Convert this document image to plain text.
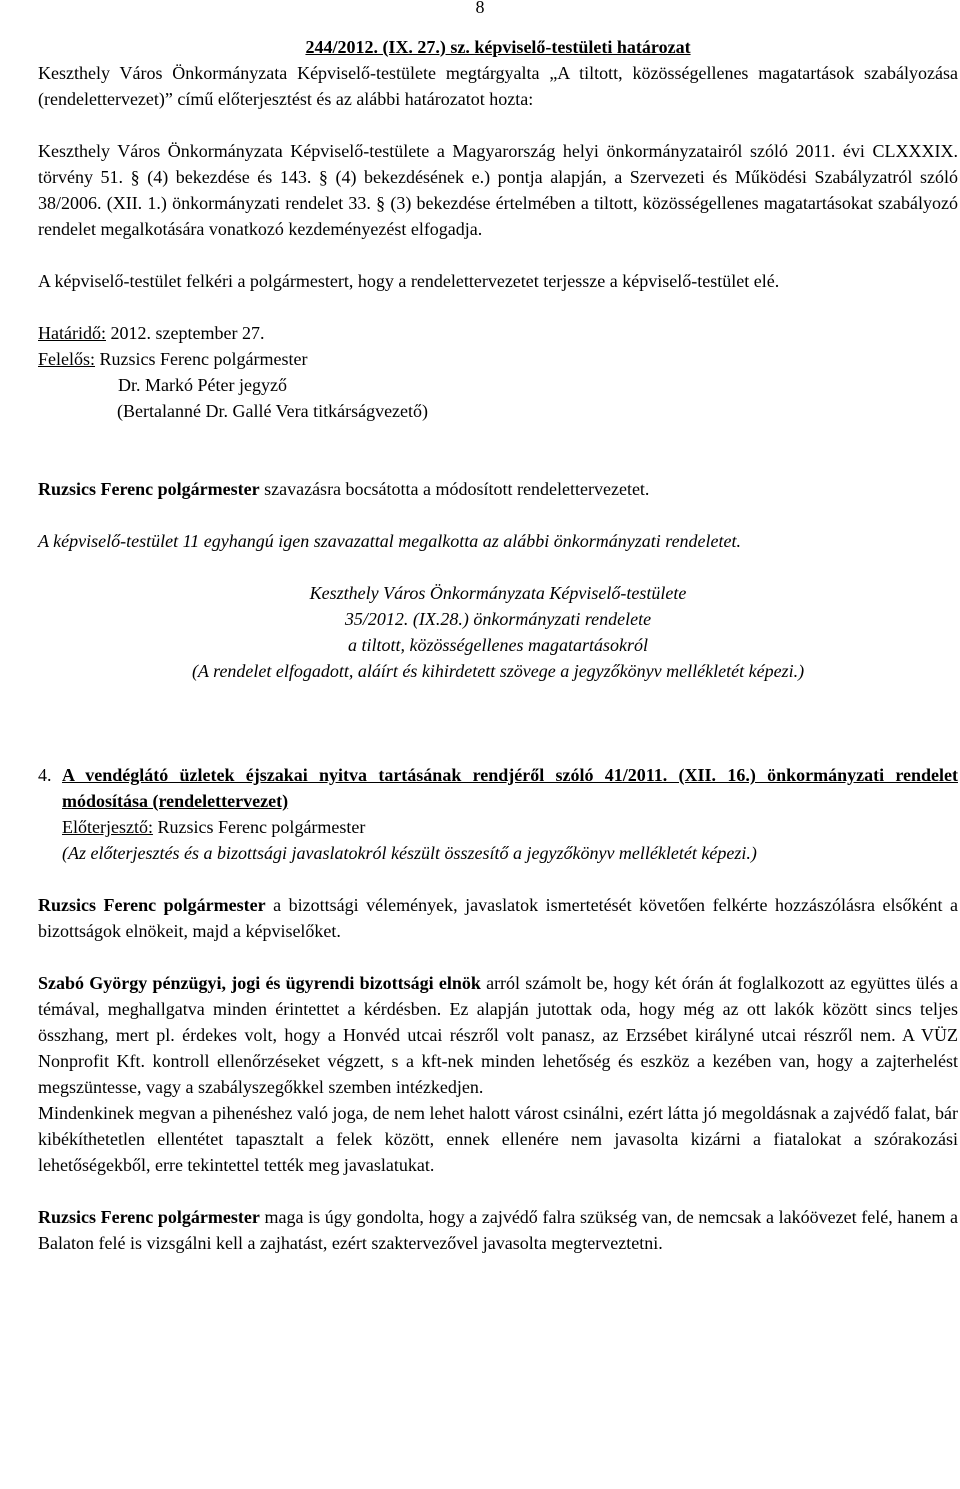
8

244/2012. (IX. 27.) sz. képviselő-testületi határozat

Keszthely Város Önkormányzata Képviselő-testülete megtárgyalta „A tiltott, közösségellenes magatartások szabályozása (rendelettervezet)” című előterjesztést és az alábbi határozatot hozta:

Keszthely Város Önkormányzata Képviselő-testülete a Magyarország helyi önkormányzatairól szóló 2011. évi CLXXXIX. törvény 51. § (4) bekezdése és 143. § (4) bekezdésének e.) pontja alapján, a Szervezeti és Működési Szabályzatról szóló 38/2006. (XII. 1.) önkormányzati rendelet 33. § (3) bekezdése értelmében a tiltott, közösségellenes magatartásokat szabályozó rendelet megalkotására vonatkozó kezdeményezést elfogadja.

A képviselő-testület felkéri a polgármestert, hogy a rendelettervezetet terjessze a képviselő-testület elé.

Határidő: 2012. szeptember 27.

Felelős: Ruzsics Ferenc polgármester

Dr. Markó Péter jegyző

(Bertalanné Dr. Gallé Vera titkárságvezető)

Ruzsics Ferenc polgármester szavazásra bocsátotta a módosított rendelettervezetet.

A képviselő-testület 11 egyhangú igen szavazattal megalkotta az alábbi önkormányzati rendeletet.

Keszthely Város Önkormányzata Képviselő-testülete

35/2012. (IX.28.) önkormányzati rendelete

a tiltott, közösségellenes magatartásokról

(A rendelet elfogadott, aláírt és kihirdetett szövege a jegyzőkönyv mellékletét képezi.)

4. A vendéglátó üzletek éjszakai nyitva tartásának rendjéről szóló 41/2011. (XII. 16.) önkormányzati rendelet módosítása (rendelettervezet)

Előterjesztő: Ruzsics Ferenc polgármester

(Az előterjesztés és a bizottsági javaslatokról készült összesítő a jegyzőkönyv mellékletét képezi.)

Ruzsics Ferenc polgármester a bizottsági vélemények, javaslatok ismertetését követően felkérte hozzászólásra elsőként a bizottságok elnökeit, majd a képviselőket.

Szabó György pénzügyi, jogi és ügyrendi bizottsági elnök arról számolt be, hogy két órán át foglalkozott az együttes ülés a témával, meghallgatva minden érintettet a kérdésben. Ez alapján jutottak oda, hogy még az ott lakók között sincs teljes összhang, mert pl. érdekes volt, hogy a Honvéd utcai részről volt panasz, az Erzsébet királyné utcai részről nem. A VÜZ Nonprofit Kft. kontroll ellenőrzéseket végzett, s a kft-nek minden lehetőség és eszköz a kezében van, hogy a zajterhelést megszüntesse, vagy a szabályszegőkkel szemben intézkedjen.

Mindenkinek megvan a pihenéshez való joga, de nem lehet halott várost csinálni, ezért látta jó megoldásnak a zajvédő falat, bár kibékíthetetlen ellentétet tapasztalt a felek között, ennek ellenére nem javasolta kizárni a fiatalokat a szórakozási lehetőségekből, erre tekintettel tették meg javaslatukat.

Ruzsics Ferenc polgármester maga is úgy gondolta, hogy a zajvédő falra szükség van, de nemcsak a lakóövezet felé, hanem a Balaton felé is vizsgálni kell a zajhatást, ezért szaktervezővel javasolta megterveztetni.
